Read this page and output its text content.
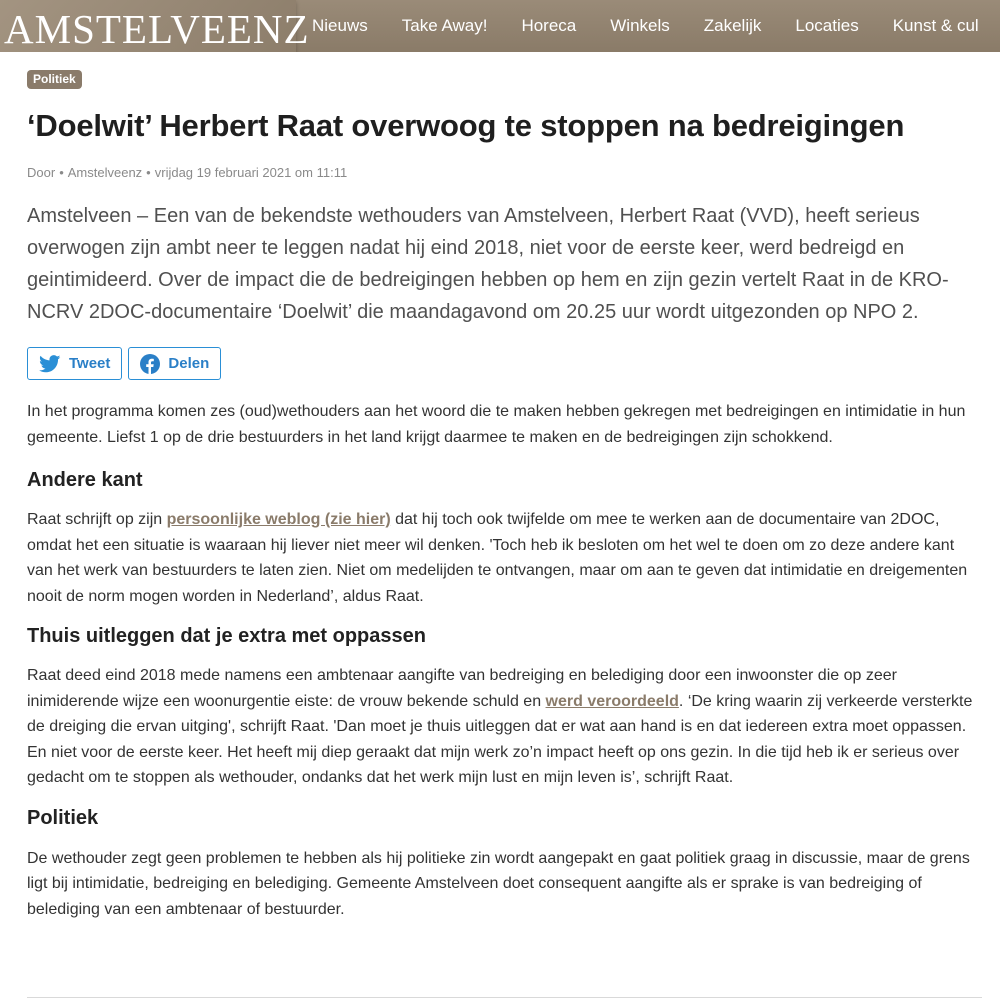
AMSTELVEENZ Nieuws Take Away! Horeca Winkels Zakelijk Locaties Kunst & cul
Politiek
‘Doelwit’ Herbert Raat overwoog te stoppen na bedreigingen
Door • Amstelveenz • vrijdag 19 februari 2021 om 11:11

Amstelveen – Een van de bekendste wethouders van Amstelveen, Herbert Raat (VVD), heeft serieus overwogen zijn ambt neer te leggen nadat hij eind 2018, niet voor de eerste keer, werd bedreigd en geintimideerd. Over de impact die de bedreigingen hebben op hem en zijn gezin vertelt Raat in de KRO-NCRV 2DOC-documentaire ‘Doelwit’ die maandagavond om 20.25 uur wordt uitgezonden op NPO 2.

Tweet	Delen

In het programma komen zes (oud)wethouders aan het woord die te maken hebben gekregen met bedreigingen en intimidatie in hun gemeente. Liefst 1 op de drie bestuurders in het land krijgt daarmee te maken en de bedreigingen zijn schokkend.

Andere kant

Raat schrijft op zijn persoonlijke weblog (zie hier) dat hij toch ook twijfelde om mee te werken aan de documentaire van 2DOC, omdat het een situatie is waaraan hij liever niet meer wil denken. 'Toch heb ik besloten om het wel te doen om zo deze andere kant van het werk van bestuurders te laten zien. Niet om medelijden te ontvangen, maar om aan te geven dat intimidatie en dreigementen nooit de norm mogen worden in Nederland’, aldus Raat.

Thuis uitleggen dat je extra met oppassen

Raat deed eind 2018 mede namens een ambtenaar aangifte van bedreiging en belediging door een inwoonster die op zeer inimiderende wijze een woonurgentie eiste: de vrouw bekende schuld en werd veroordeeld. ‘De kring waarin zij verkeerde versterkte de dreiging die ervan uitging', schrijft Raat. 'Dan moet je thuis uitleggen dat er wat aan hand is en dat iedereen extra moet oppassen. En niet voor de eerste keer. Het heeft mij diep geraakt dat mijn werk zo’n impact heeft op ons gezin. In die tijd heb ik er serieus over gedacht om te stoppen als wethouder, ondanks dat het werk mijn lust en mijn leven is’, schrijft Raat.

Politiek

De wethouder zegt geen problemen te hebben als hij politieke zin wordt aangepakt en gaat politiek graag in discussie, maar de grens ligt bij intimidatie, bedreiging en belediging. Gemeente Amstelveen doet consequent aangifte als er sprake is van bedreiging of belediging van een ambtenaar of bestuurder.
